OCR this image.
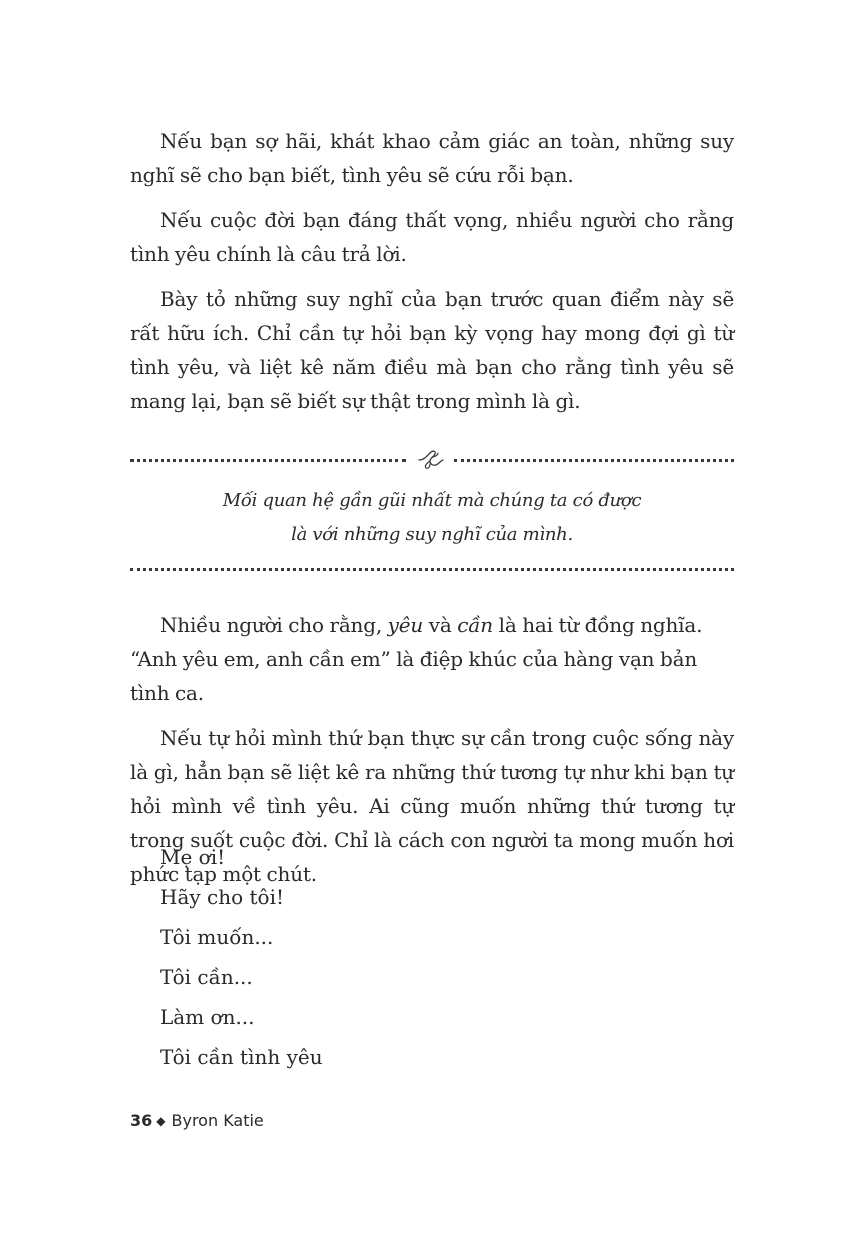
Nếu bạn sợ hãi, khát khao cảm giác an toàn, những suy nghĩ sẽ cho bạn biết, tình yêu sẽ cứu rỗi bạn.

Nếu cuộc đời bạn đáng thất vọng, nhiều người cho rằng tình yêu chính là câu trả lời.

Bày tỏ những suy nghĩ của bạn trước quan điểm này sẽ rất hữu ích. Chỉ cần tự hỏi bạn kỳ vọng hay mong đợi gì từ tình yêu, và liệt kê năm điều mà bạn cho rằng tình yêu sẽ mang lại, bạn sẽ biết sự thật trong mình là gì.

Mối quan hệ gần gũi nhất mà chúng ta có được
là với những suy nghĩ của mình.

Nhiều người cho rằng, yêu và cần là hai từ đồng nghĩa. “Anh yêu em, anh cần em” là điệp khúc của hàng vạn bản tình ca.

Nếu tự hỏi mình thứ bạn thực sự cần trong cuộc sống này là gì, hẳn bạn sẽ liệt kê ra những thứ tương tự như khi bạn tự hỏi mình về tình yêu. Ai cũng muốn những thứ tương tự trong suốt cuộc đời. Chỉ là cách con người ta mong muốn hơi phức tạp một chút.

Mẹ ơi!
Hãy cho tôi!
Tôi muốn...
Tôi cần...
Làm ơn...
Tôi cần tình yêu
36 ◆ Byron Katie
